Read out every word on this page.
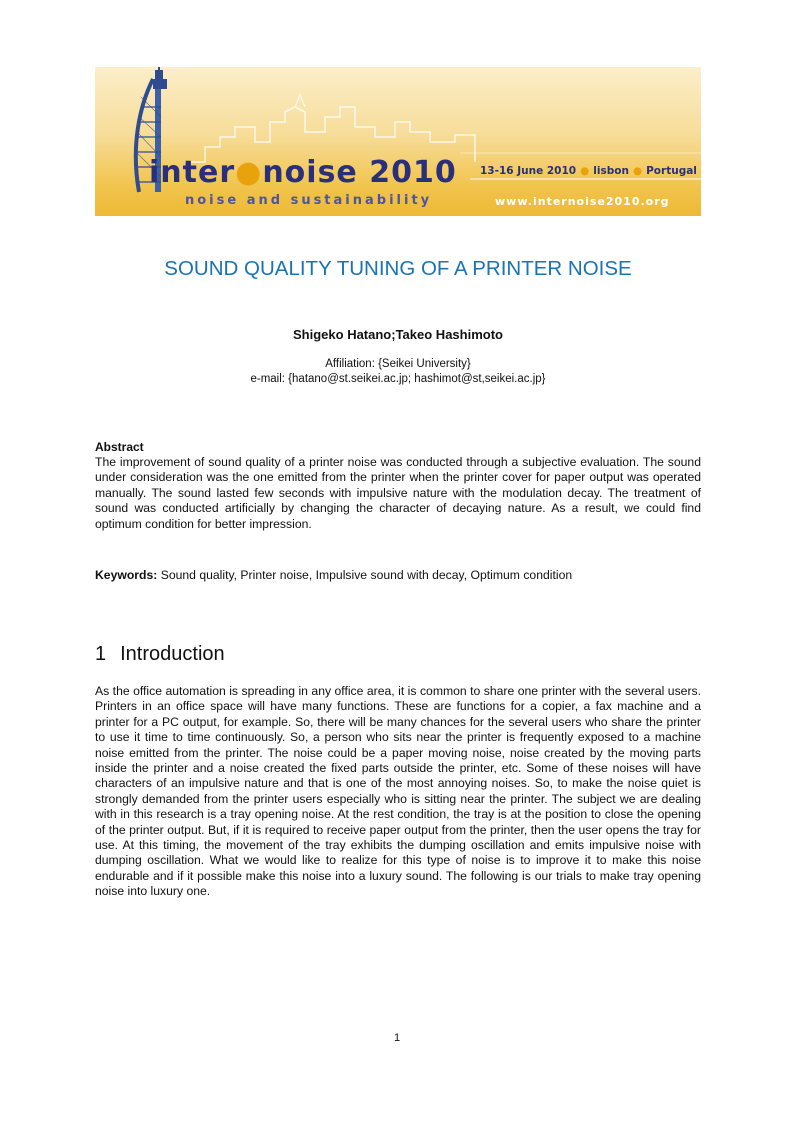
inter●noise 2010
noise and sustainability
13-16 June 2010 ● lisbon ● Portugal
www.internoise2010.org
SOUND QUALITY TUNING OF A PRINTER NOISE
Shigeko Hatano;Takeo Hashimoto
Affiliation: {Seikei University}
e-mail: {hatano@st.seikei.ac.jp; hashimot@st,seikei.ac.jp}
Abstract

The improvement of sound quality of a printer noise was conducted through a subjective evaluation. The sound under consideration was the one emitted from the printer when the printer cover for paper output was operated manually. The sound lasted few seconds with impulsive nature with the modulation decay. The treatment of sound was conducted artificially by changing the character of decaying nature. As a result, we could find optimum condition for better impression.

Keywords: Sound quality, Printer noise, Impulsive sound with decay, Optimum condition
1 Introduction

As the office automation is spreading in any office area, it is common to share one printer with the several users. Printers in an office space will have many functions. These are functions for a copier, a fax machine and a printer for a PC output, for example. So, there will be many chances for the several users who share the printer to use it time to time continuously. So, a person who sits near the printer is frequently exposed to a machine noise emitted from the printer. The noise could be a paper moving noise, noise created by the moving parts inside the printer and a noise created the fixed parts outside the printer, etc. Some of these noises will have characters of an impulsive nature and that is one of the most annoying noises. So, to make the noise quiet is strongly demanded from the printer users especially who is sitting near the printer. The subject we are dealing with in this research is a tray opening noise. At the rest condition, the tray is at the position to close the opening of the printer output. But, if it is required to receive paper output from the printer, then the user opens the tray for use. At this timing, the movement of the tray exhibits the dumping oscillation and emits impulsive noise with dumping oscillation. What we would like to realize for this type of noise is to improve it to make this noise endurable and if it possible make this noise into a luxury sound. The following is our trials to make tray opening noise into luxury one.

1
